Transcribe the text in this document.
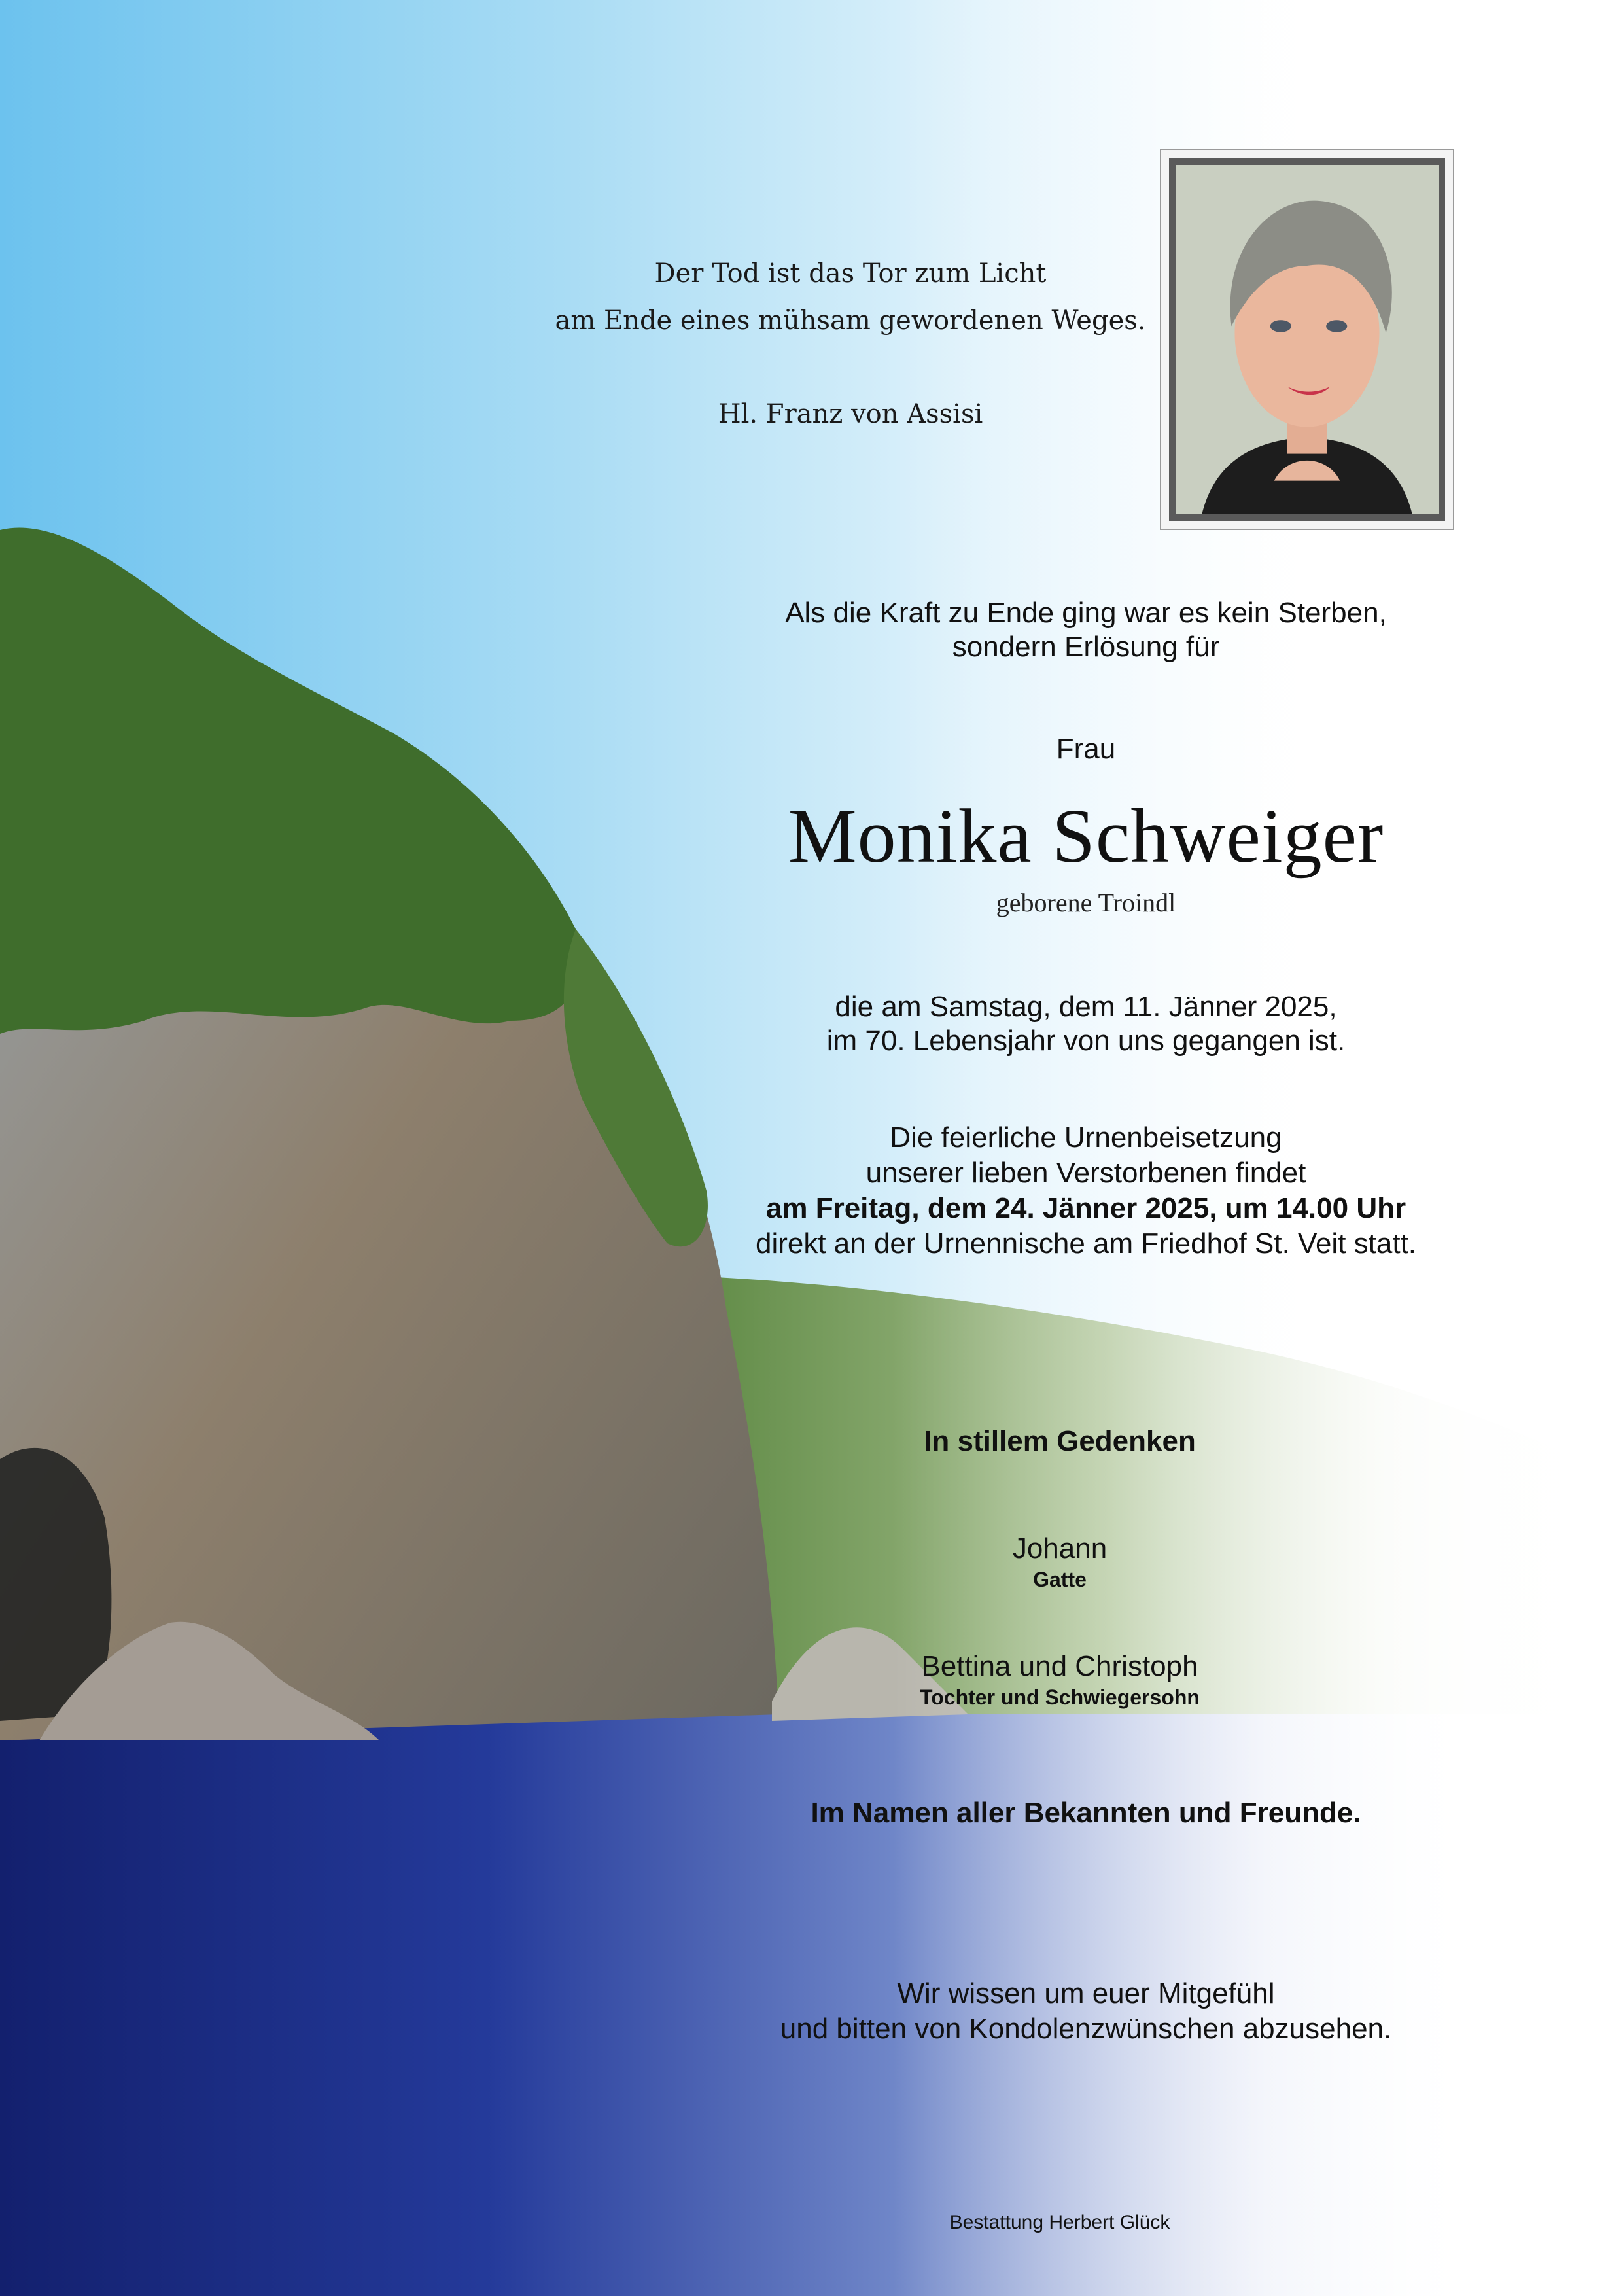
Der Tod ist das Tor zum Licht
am Ende eines mühsam gewordenen Weges.
Hl. Franz von Assisi
Als die Kraft zu Ende ging war es kein Sterben,
sondern Erlösung für
Frau
Monika Schweiger
geborene Troindl
die am Samstag, dem 11. Jänner 2025,
im 70. Lebensjahr von uns gegangen ist.
Die feierliche Urnenbeisetzung
unserer lieben Verstorbenen findet
am Freitag, dem 24. Jänner 2025, um 14.00 Uhr
direkt an der Urnennische am Friedhof St. Veit statt.
In stillem Gedenken
Johann
Gatte
Bettina und Christoph
Tochter und Schwiegersohn
Im Namen aller Bekannten und Freunde.
Wir wissen um euer Mitgefühl
und bitten von Kondolenzwünschen abzusehen.
Bestattung Herbert Glück
